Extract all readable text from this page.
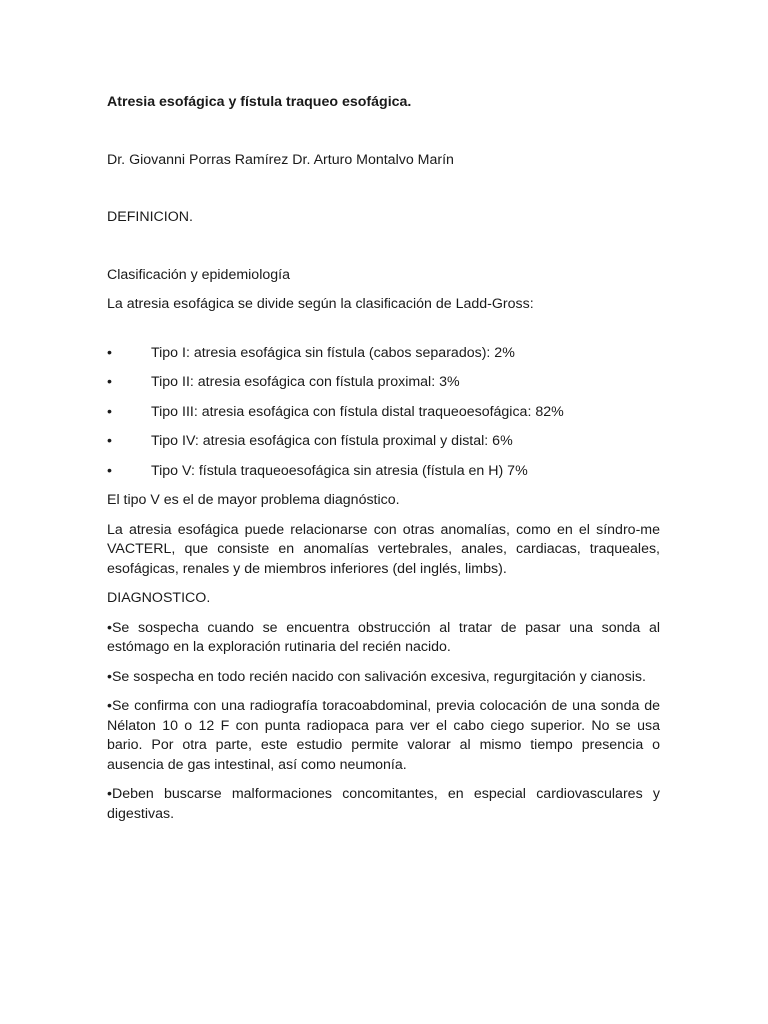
Atresia esofágica y fístula traqueo esofágica.

Dr. Giovanni Porras Ramírez Dr. Arturo Montalvo Marín

DEFINICION.

Clasificación y epidemiología

La atresia esofágica se divide según la clasificación de Ladd-Gross:

•	Tipo I: atresia esofágica sin fístula (cabos separados): 2%
•	Tipo II: atresia esofágica con fístula proximal: 3%
•	Tipo III: atresia esofágica con fístula distal traqueoesofágica: 82%
•	Tipo IV: atresia esofágica con fístula proximal y distal: 6%
•	Tipo V: fístula traqueoesofágica sin atresia (fístula en H) 7%

El tipo V es el de mayor problema diagnóstico.

La atresia esofágica puede relacionarse con otras anomalías, como en el síndro-me VACTERL, que consiste en anomalías vertebrales, anales, cardiacas, traqueales, esofágicas, renales y de miembros inferiores (del inglés, limbs).

DIAGNOSTICO.

•Se sospecha cuando se encuentra obstrucción al tratar de pasar una sonda al estómago en la exploración rutinaria del recién nacido.

•Se sospecha en todo recién nacido con salivación excesiva, regurgitación y cianosis.

•Se confirma con una radiografía toracoabdominal, previa colocación de una sonda de Nélaton 10 o 12 F con punta radiopaca para ver el cabo ciego superior. No se usa bario. Por otra parte, este estudio permite valorar al mismo tiempo presencia o ausencia de gas intestinal, así como neumonía.

•Deben buscarse malformaciones concomitantes, en especial cardiovasculares y digestivas.
